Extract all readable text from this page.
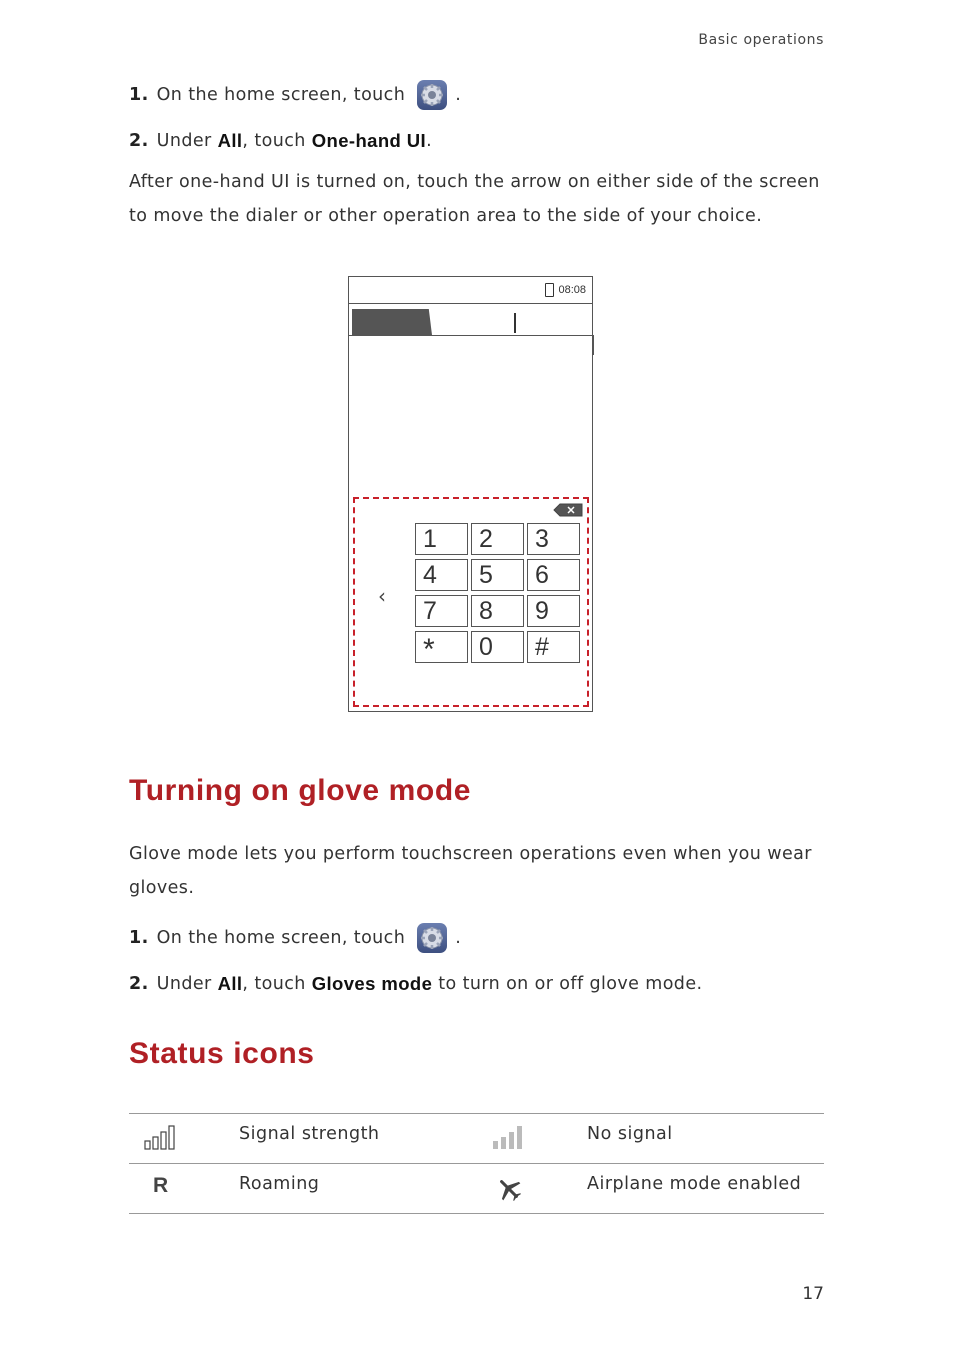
Basic operations
1. On the home screen, touch	.
2. Under
All , touch
One-hand UI .
After one-hand UI is turned on, touch the arrow on either side of the screen to move the dialer or other operation area to the side of your choice.
08:08
‹
1	2	3
4	5	6
7	8	9
*	0	#
Turning on glove mode
Glove mode lets you perform touchscreen operations even when you wear gloves.
1. On the home screen, touch	.
2. Under
All , touch
Gloves mode
to turn on or off glove mode.
Status icons
Signal strength	No signal
R	Roaming	Airplane mode enabled
17
